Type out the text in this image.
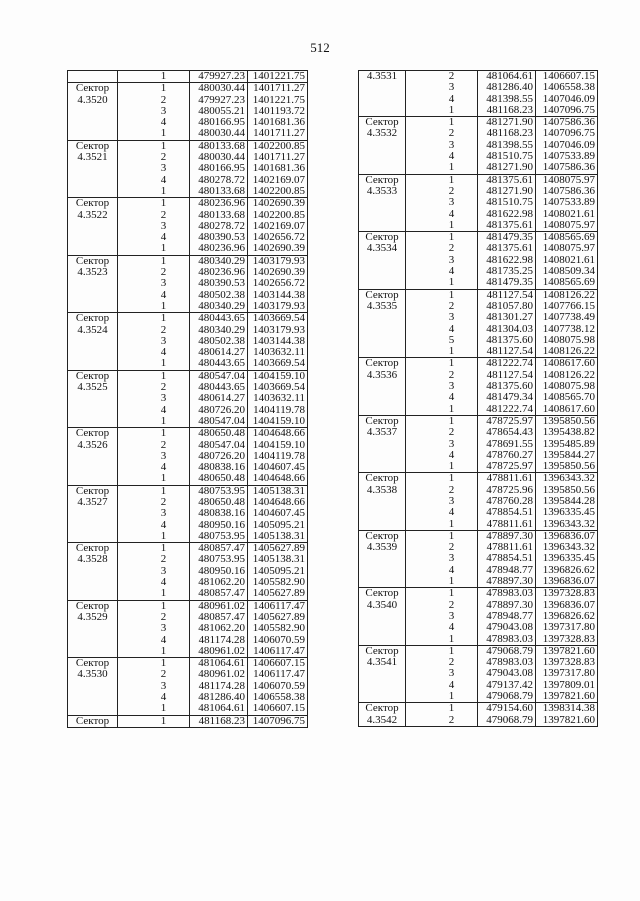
512
	1	479927.23	1401221.75
Сектор	1	480030.44	1401711.27
4.3520	2	479927.23	1401221.75
	3	480055.21	1401193.72
	4	480166.95	1401681.36
	1	480030.44	1401711.27
Сектор	1	480133.68	1402200.85
4.3521	2	480030.44	1401711.27
	3	480166.95	1401681.36
	4	480278.72	1402169.07
	1	480133.68	1402200.85
Сектор	1	480236.96	1402690.39
4.3522	2	480133.68	1402200.85
	3	480278.72	1402169.07
	4	480390.53	1402656.72
	1	480236.96	1402690.39
Сектор	1	480340.29	1403179.93
4.3523	2	480236.96	1402690.39
	3	480390.53	1402656.72
	4	480502.38	1403144.38
	1	480340.29	1403179.93
Сектор	1	480443.65	1403669.54
4.3524	2	480340.29	1403179.93
	3	480502.38	1403144.38
	4	480614.27	1403632.11
	1	480443.65	1403669.54
Сектор	1	480547.04	1404159.10
4.3525	2	480443.65	1403669.54
	3	480614.27	1403632.11
	4	480726.20	1404119.78
	1	480547.04	1404159.10
Сектор	1	480650.48	1404648.66
4.3526	2	480547.04	1404159.10
	3	480726.20	1404119.78
	4	480838.16	1404607.45
	1	480650.48	1404648.66
Сектор	1	480753.95	1405138.31
4.3527	2	480650.48	1404648.66
	3	480838.16	1404607.45
	4	480950.16	1405095.21
	1	480753.95	1405138.31
Сектор	1	480857.47	1405627.89
4.3528	2	480753.95	1405138.31
	3	480950.16	1405095.21
	4	481062.20	1405582.90
	1	480857.47	1405627.89
Сектор	1	480961.02	1406117.47
4.3529	2	480857.47	1405627.89
	3	481062.20	1405582.90
	4	481174.28	1406070.59
	1	480961.02	1406117.47
Сектор	1	481064.61	1406607.15
4.3530	2	480961.02	1406117.47
	3	481174.28	1406070.59
	4	481286.40	1406558.38
	1	481064.61	1406607.15
Сектор	1	481168.23	1407096.75
4.3531	2	481064.61	1406607.15
	3	481286.40	1406558.38
	4	481398.55	1407046.09
	1	481168.23	1407096.75
Сектор	1	481271.90	1407586.36
4.3532	2	481168.23	1407096.75
	3	481398.55	1407046.09
	4	481510.75	1407533.89
	1	481271.90	1407586.36
Сектор	1	481375.61	1408075.97
4.3533	2	481271.90	1407586.36
	3	481510.75	1407533.89
	4	481622.98	1408021.61
	1	481375.61	1408075.97
Сектор	1	481479.35	1408565.69
4.3534	2	481375.61	1408075.97
	3	481622.98	1408021.61
	4	481735.25	1408509.34
	1	481479.35	1408565.69
Сектор	1	481127.54	1408126.22
4.3535	2	481057.80	1407766.15
	3	481301.27	1407738.49
	4	481304.03	1407738.12
	5	481375.60	1408075.98
	1	481127.54	1408126.22
Сектор	1	481222.74	1408617.60
4.3536	2	481127.54	1408126.22
	3	481375.60	1408075.98
	4	481479.34	1408565.70
	1	481222.74	1408617.60
Сектор	1	478725.97	1395850.56
4.3537	2	478654.43	1395438.82
	3	478691.55	1395485.89
	4	478760.27	1395844.27
	1	478725.97	1395850.56
Сектор	1	478811.61	1396343.32
4.3538	2	478725.96	1395850.56
	3	478760.28	1395844.28
	4	478854.51	1396335.45
	1	478811.61	1396343.32
Сектор	1	478897.30	1396836.07
4.3539	2	478811.61	1396343.32
	3	478854.51	1396335.45
	4	478948.77	1396826.62
	1	478897.30	1396836.07
Сектор	1	478983.03	1397328.83
4.3540	2	478897.30	1396836.07
	3	478948.77	1396826.62
	4	479043.08	1397317.80
	1	478983.03	1397328.83
Сектор	1	479068.79	1397821.60
4.3541	2	478983.03	1397328.83
	3	479043.08	1397317.80
	4	479137.42	1397809.01
	1	479068.79	1397821.60
Сектор	1	479154.60	1398314.38
4.3542	2	479068.79	1397821.60
